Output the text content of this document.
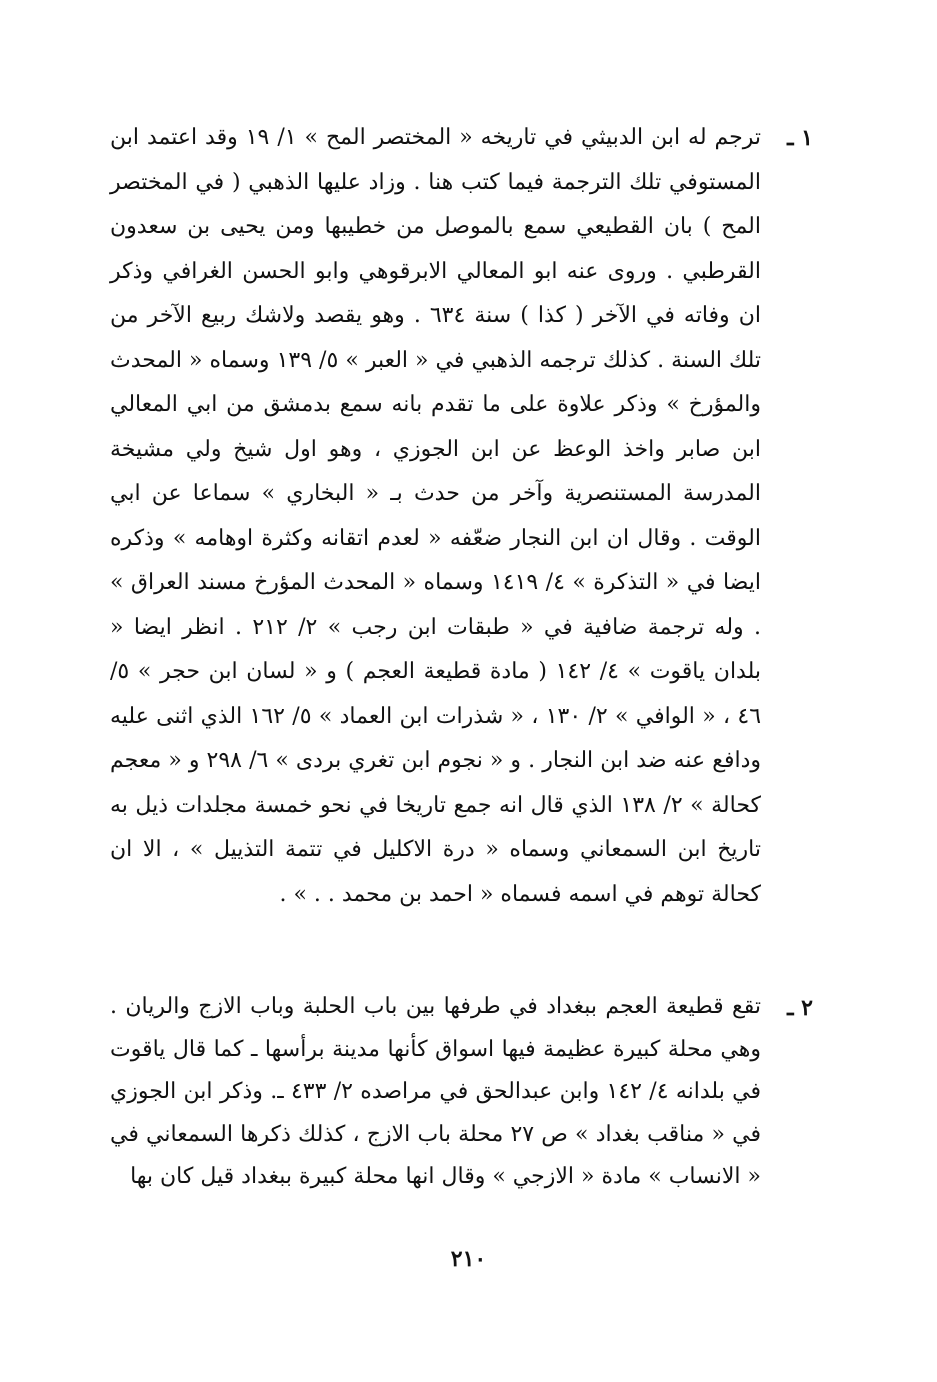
١ ـ
ترجم له ابن الدبيثي في تاريخه « المختصر المح » ١/ ١٩ وقد اعتمد ابن المستوفي تلك الترجمة فيما كتب هنا . وزاد عليها الذهبي ( في المختصر المح ) بان القطيعي سمع بالموصل من خطيبها ومن يحيى بن سعدون القرطبي . وروى عنه ابو المعالي الابرقوهي وابو الحسن الغرافي وذكر ان وفاته في الآخر ( كذا ) سنة ٦٣٤ . وهو يقصد ولاشك ربيع الآخر من تلك السنة . كذلك ترجمه الذهبي في « العبر » ٥/ ١٣٩ وسماه « المحدث والمؤرخ » وذكر علاوة على ما تقدم بانه سمع بدمشق من ابي المعالي ابن صابر واخذ الوعظ عن ابن الجوزي ، وهو اول شيخ ولي مشيخة المدرسة المستنصرية وآخر من حدث بـ « البخاري » سماعا عن ابي الوقت . وقال ان ابن النجار ضعّفه « لعدم اتقانه وكثرة اوهامه » وذكره ايضا في « التذكرة » ٤/ ١٤١٩ وسماه « المحدث المؤرخ مسند العراق » . وله ترجمة ضافية في « طبقات ابن رجب » ٢/ ٢١٢ . انظر ايضا « بلدان ياقوت » ٤/ ١٤٢ ( مادة قطيعة العجم ) و « لسان ابن حجر » ٥/ ٤٦ ، « الوافي » ٢/ ١٣٠ ، « شذرات ابن العماد » ٥/ ١٦٢ الذي اثنى عليه ودافع عنه ضد ابن النجار . و « نجوم ابن تغري بردى » ٦/ ٢٩٨ و « معجم كحالة » ٢/ ١٣٨ الذي قال انه جمع تاريخا في نحو خمسة مجلدات ذيل به تاريخ ابن السمعاني وسماه « درة الاكليل في تتمة التذييل » ، الا ان كحالة توهم في اسمه فسماه « احمد بن محمد . . » .
٢ ـ
تقع قطيعة العجم ببغداد في طرفها بين باب الحلبة وباب الازج والريان . وهي محلة كبيرة عظيمة فيها اسواق كأنها مدينة برأسها ـ كما قال ياقوت في بلدانه ٤/ ١٤٢ وابن عبدالحق في مراصده ٢/ ٤٣٣ ـ. وذكر ابن الجوزي في « مناقب بغداد » ص ٢٧ محلة باب الازج ، كذلك ذكرها السمعاني في « الانساب » مادة « الازجي » وقال انها محلة كبيرة ببغداد قيل كان بها
٢١٠
